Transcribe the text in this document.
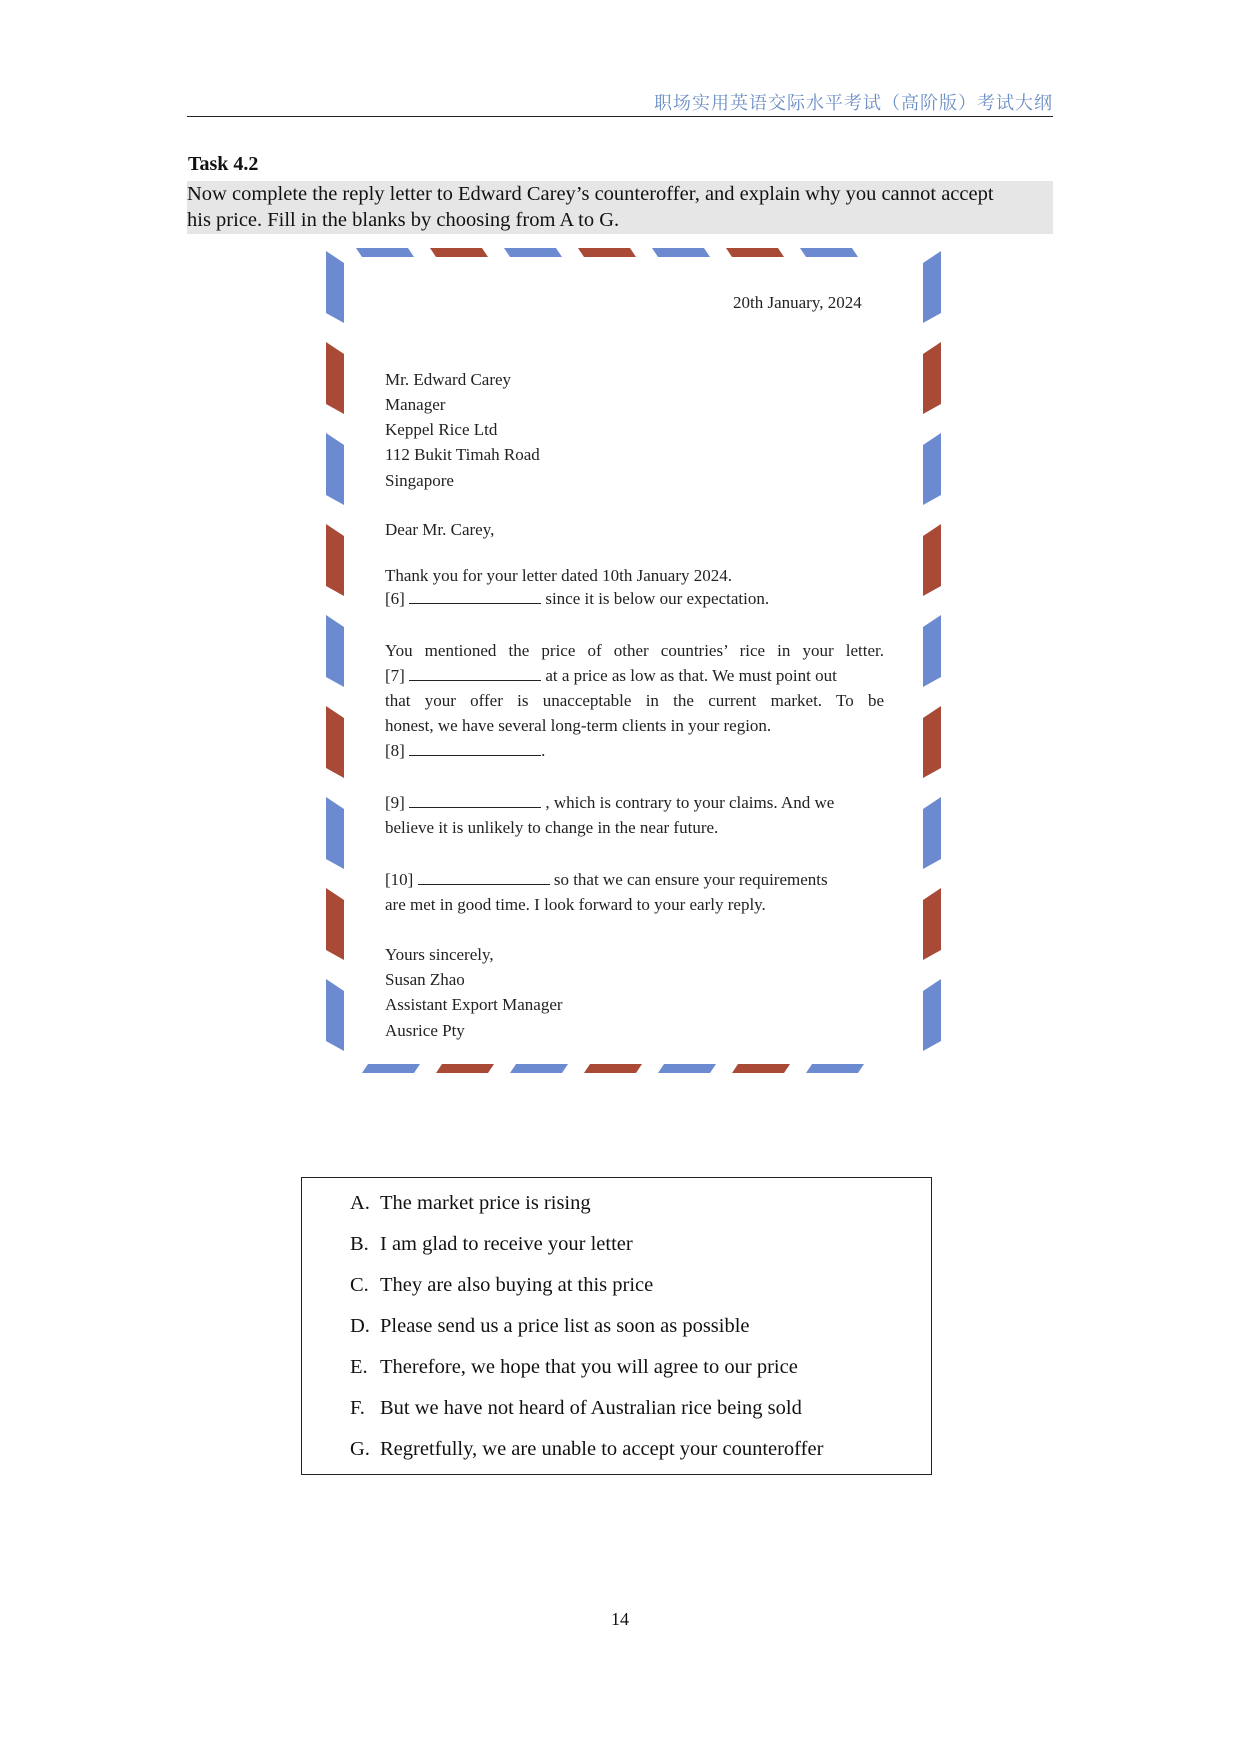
职场实用英语交际水平考试（高阶版）考试大纲
Task 4.2
Now complete the reply letter to Edward Carey’s counteroffer, and explain why you cannot accept
his price. Fill in the blanks by choosing from A to G.
20th January, 2024
Mr. Edward Carey
Manager
Keppel Rice Ltd
112 Bukit Timah Road
Singapore
Dear Mr. Carey,
Thank you for your letter dated 10th January 2024.
[6]	since it is below our expectation.
You mentioned the price of other countries’ rice in your letter.
[7]	at a price as low as that. We must point out
that your offer is unacceptable in the current market. To be
honest, we have several long-term clients in your region.
[8]	.
[9]	, which is contrary to your claims. And we
believe it is unlikely to change in the near future.
[10]	so that we can ensure your requirements
are met in good time. I look forward to your early reply.
Yours sincerely,
Susan Zhao
Assistant Export Manager
Ausrice Pty
A. The market price is rising
B. I am glad to receive your letter
C. They are also buying at this price
D. Please send us a price list as soon as possible
E. Therefore, we hope that you will agree to our price
F. But we have not heard of Australian rice being sold
G. Regretfully, we are unable to accept your counteroffer
14
